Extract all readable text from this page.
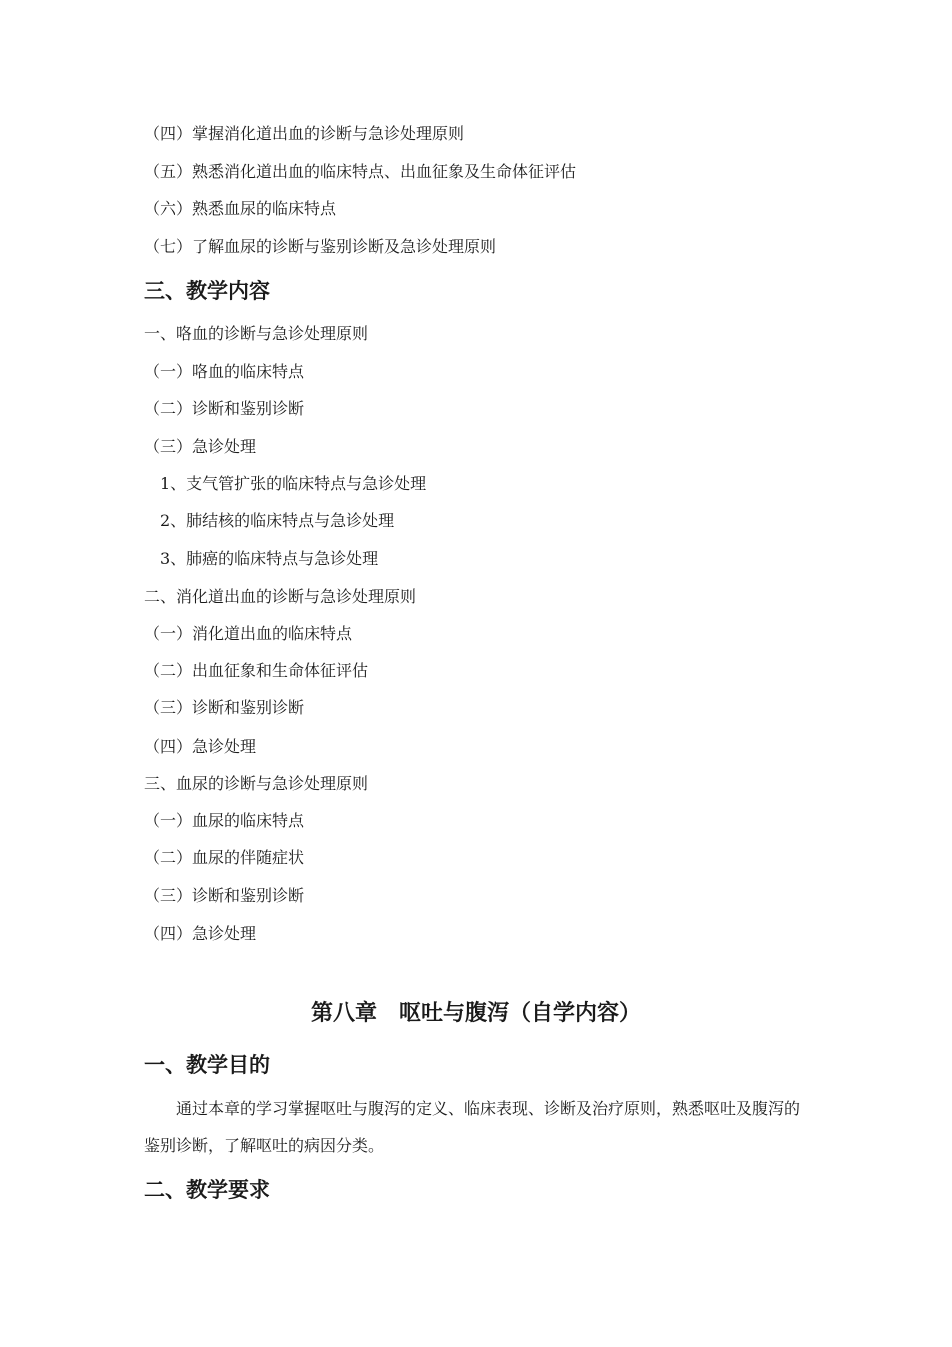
（四）掌握消化道出血的诊断与急诊处理原则
（五）熟悉消化道出血的临床特点、出血征象及生命体征评估
（六）熟悉血尿的临床特点
（七）了解血尿的诊断与鉴别诊断及急诊处理原则
三、教学内容
一、咯血的诊断与急诊处理原则
（一）咯血的临床特点
（二）诊断和鉴别诊断
（三）急诊处理
1、支气管扩张的临床特点与急诊处理
2、肺结核的临床特点与急诊处理
3、肺癌的临床特点与急诊处理
二、消化道出血的诊断与急诊处理原则
（一）消化道出血的临床特点
（二）出血征象和生命体征评估
（三）诊断和鉴别诊断
（四）急诊处理
三、血尿的诊断与急诊处理原则
（一）血尿的临床特点
（二）血尿的伴随症状
（三）诊断和鉴别诊断
（四）急诊处理
第八章　呕吐与腹泻（自学内容）
一、教学目的
通过本章的学习掌握呕吐与腹泻的定义、临床表现、诊断及治疗原则，熟悉呕吐及腹泻的鉴别诊断，了解呕吐的病因分类。
二、教学要求
